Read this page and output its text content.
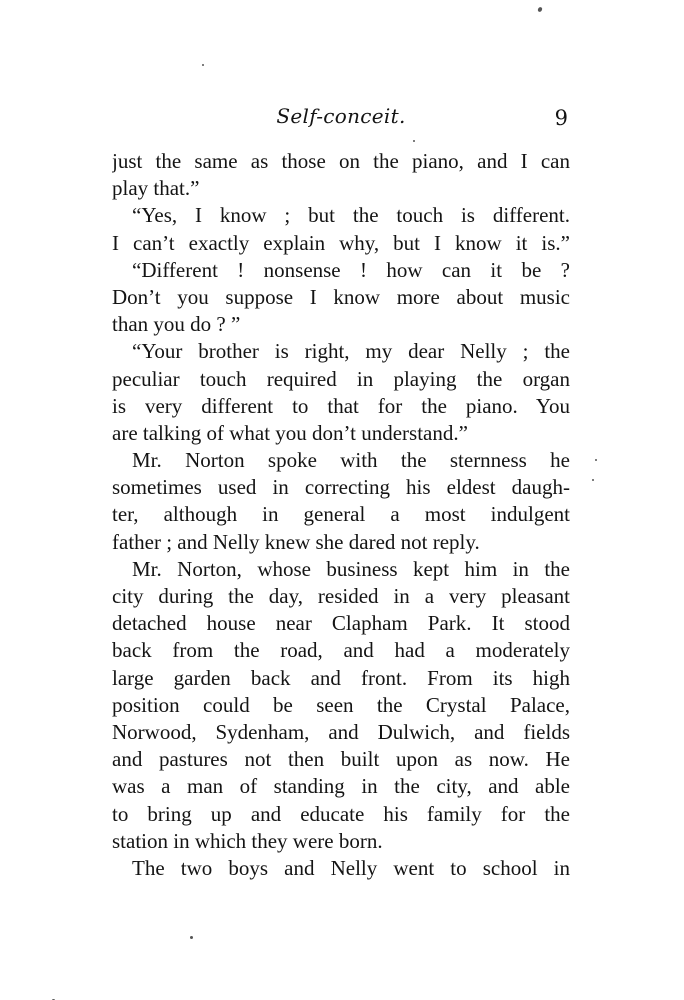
Self-conceit.	9
just the same as those on the piano, and I can
play that.”
“Yes, I know ; but the touch is different.
I can’t exactly explain why, but I know it is.”
“Different ! nonsense ! how can it be ?
Don’t you suppose I know more about music
than you do ? ”
“Your brother is right, my dear Nelly ; the
peculiar touch required in playing the organ
is very different to that for the piano. You
are talking of what you don’t understand.”
Mr. Norton spoke with the sternness he
sometimes used in correcting his eldest daugh-
ter, although in general a most indulgent
father ; and Nelly knew she dared not reply.
Mr. Norton, whose business kept him in the
city during the day, resided in a very pleasant
detached house near Clapham Park. It stood
back from the road, and had a moderately
large garden back and front. From its high
position could be seen the Crystal Palace,
Norwood, Sydenham, and Dulwich, and fields
and pastures not then built upon as now. He
was a man of standing in the city, and able
to bring up and educate his family for the
station in which they were born.
The two boys and Nelly went to school in
